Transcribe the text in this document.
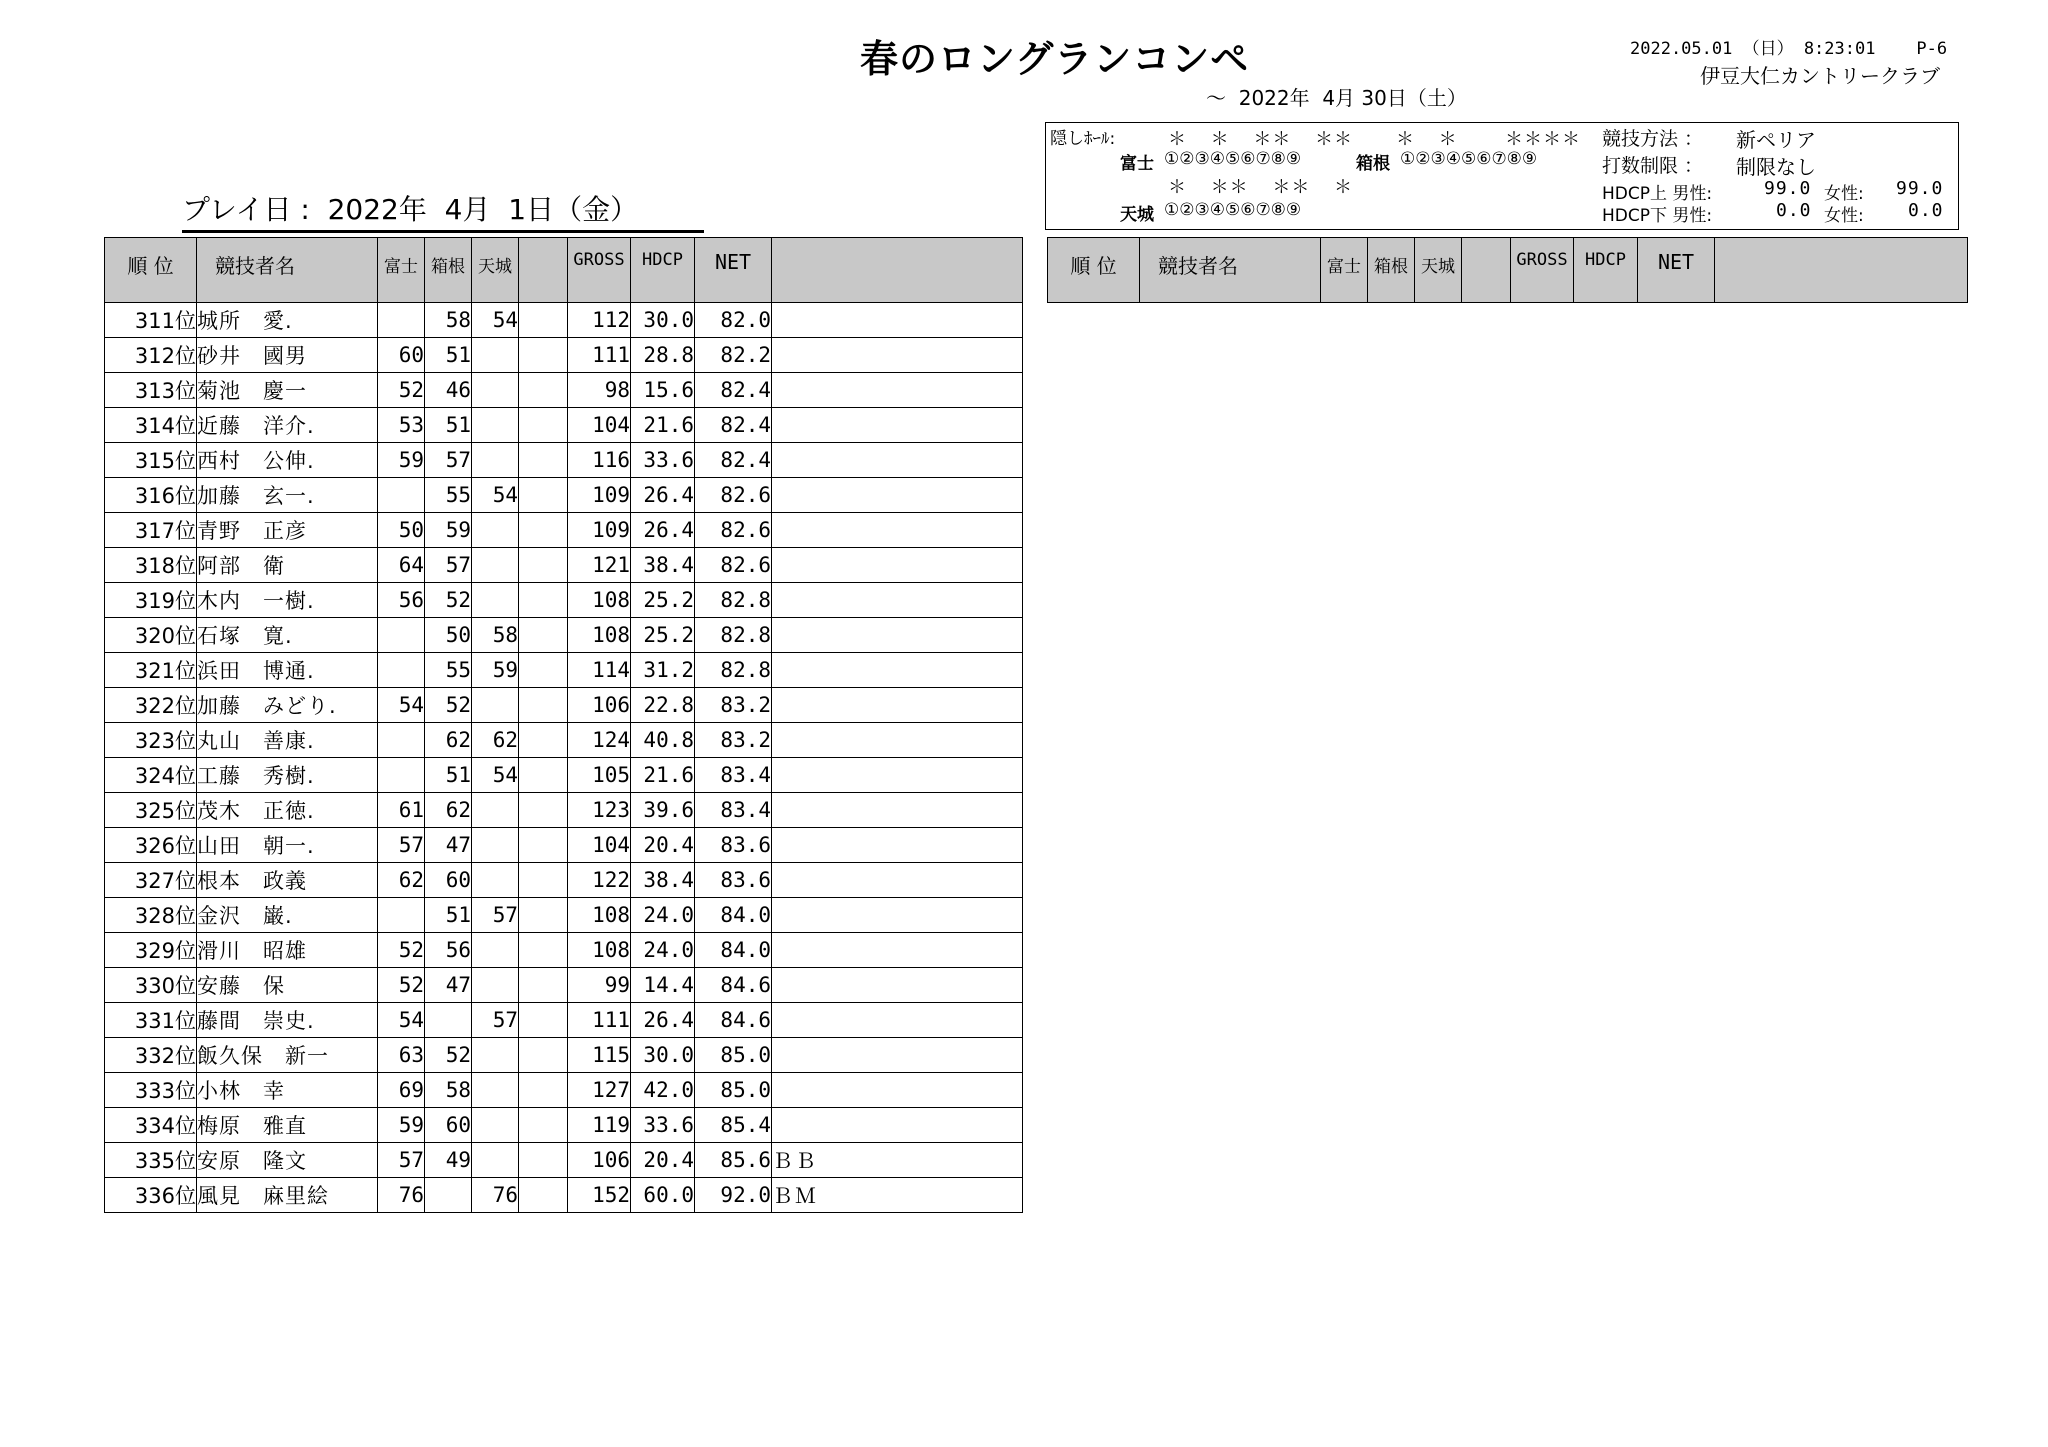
春のロングランコンペ	2022.05.01 （日） 8:23:01 P-6
伊豆大仁カントリークラブ
～  2022年  4月 30日（土）
隠しﾎｰﾙ:	＊  ＊  ＊＊  ＊＊ ＊  ＊    ＊＊＊＊
富士 ①②③④⑤⑥⑦⑧⑨	箱根 ①②③④⑤⑥⑦⑧⑨
＊  ＊＊  ＊＊  ＊
天城 ①②③④⑤⑥⑦⑧⑨
競技方法 ： 新ペリア
打数制限 ： 制限なし
HDCP上 男性:	99.0 女性: 99.0
HDCP下 男性:	0.0 女性: 0.0
プレイ日 :  2022年  4月  1日（金）
順 位	競技者名	富士	箱根	天城		GROSS	HDCP	NET	
311位	城所　愛.		58	54		112	30.0	82.0	
312位	砂井　國男	60	51			111	28.8	82.2	
313位	菊池　慶一	52	46			98	15.6	82.4	
314位	近藤　洋介.	53	51			104	21.6	82.4	
315位	西村　公伸.	59	57			116	33.6	82.4	
316位	加藤　玄一.		55	54		109	26.4	82.6	
317位	青野　正彦	50	59			109	26.4	82.6	
318位	阿部　衛	64	57			121	38.4	82.6	
319位	木内　一樹.	56	52			108	25.2	82.8	
320位	石塚　寛.		50	58		108	25.2	82.8	
321位	浜田　博通.		55	59		114	31.2	82.8	
322位	加藤　みどり.	54	52			106	22.8	83.2	
323位	丸山　善康.		62	62		124	40.8	83.2	
324位	工藤　秀樹.		51	54		105	21.6	83.4	
325位	茂木　正徳.	61	62			123	39.6	83.4	
326位	山田　朝一.	57	47			104	20.4	83.6	
327位	根本　政義	62	60			122	38.4	83.6	
328位	金沢　巌.		51	57		108	24.0	84.0	
329位	滑川　昭雄	52	56			108	24.0	84.0	
330位	安藤　保	52	47			99	14.4	84.6	
331位	藤間　崇史.	54		57		111	26.4	84.6	
332位	飯久保　新一	63	52			115	30.0	85.0	
333位	小林　幸	69	58			127	42.0	85.0	
334位	梅原　雅直	59	60			119	33.6	85.4	
335位	安原　隆文	57	49			106	20.4	85.6	ＢＢ
336位	風見　麻里絵	76		76		152	60.0	92.0	ＢＭ
順 位	競技者名	富士	箱根	天城		GROSS	HDCP	NET	
